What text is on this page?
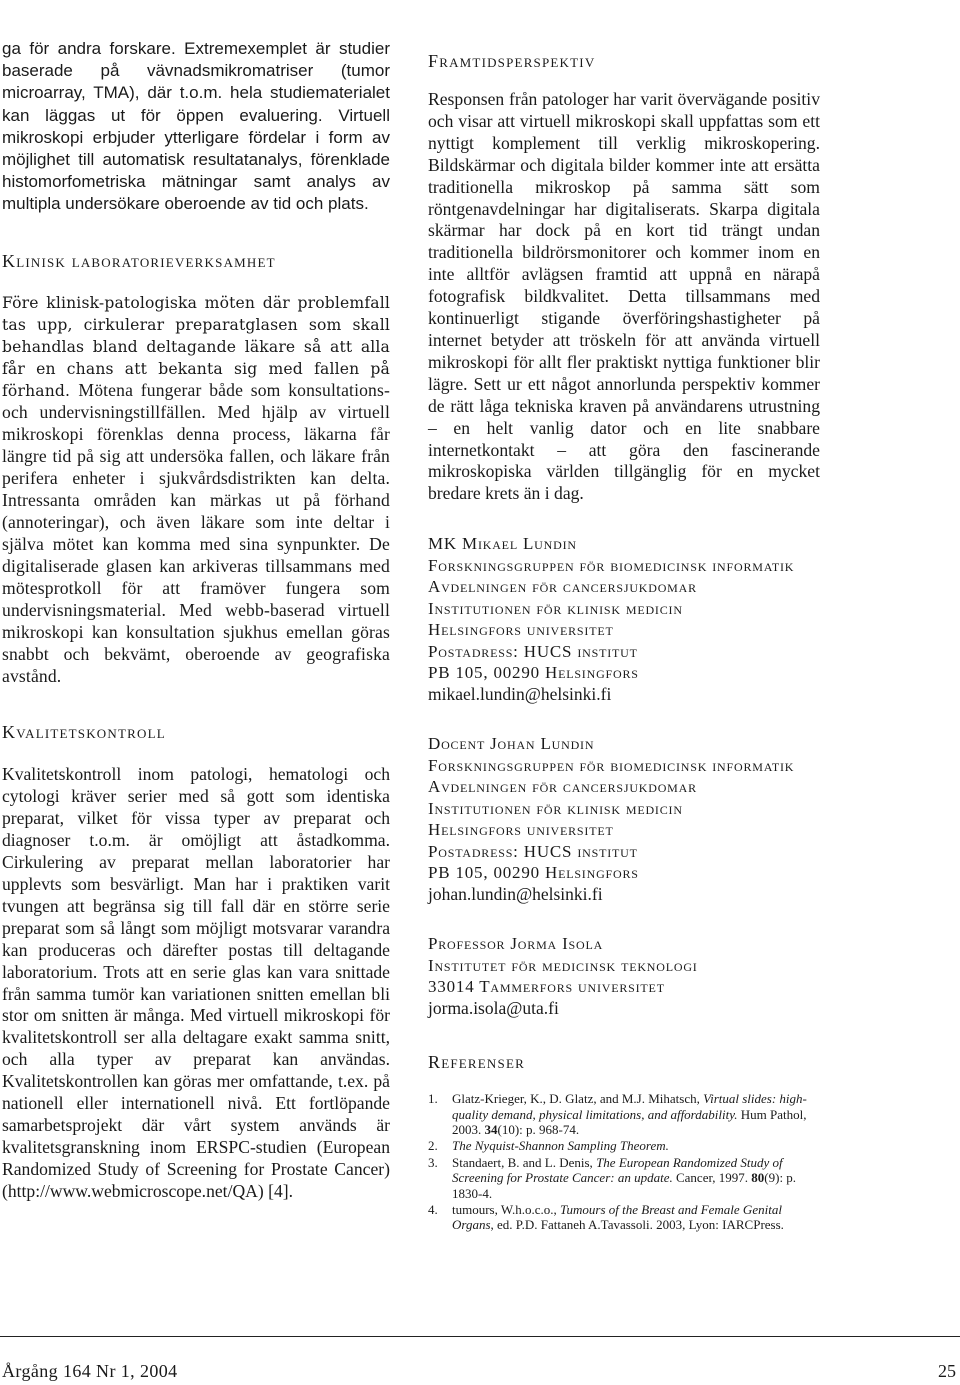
ga för andra forskare. Extremexemplet är studier baserade på vävnadsmikromatriser (tumor microarray, TMA), där t.o.m. hela studiematerialet kan läggas ut för öppen evaluering. Virtuell mikroskopi erbjuder ytterligare fördelar i form av möjlighet till automatisk resultatanalys, förenklade histomorfometriska mätningar samt analys av multipla undersökare oberoende av tid och plats.

Klinisk laboratorieverksamhet

Före klinisk-patologiska möten där problemfall tas upp, cirkulerar preparatglasen som skall behandlas bland deltagande läkare så att alla får en chans att bekanta sig med fallen på förhand. Mötena fungerar både som konsultations- och undervisningstillfällen. Med hjälp av virtuell mikroskopi förenklas denna process, läkarna får längre tid på sig att undersöka fallen, och läkare från perifera enheter i sjukvårdsdistrikten kan delta. Intressanta områden kan märkas ut på förhand (annoteringar), och även läkare som inte deltar i själva mötet kan komma med sina synpunkter. De digitaliserade glasen kan arkiveras tillsammans med mötesprotkoll för att framöver fungera som undervisningsmaterial. Med webb-baserad virtuell mikroskopi kan konsultation sjukhus emellan göras snabbt och bekvämt, oberoende av geografiska avstånd.

Kvalitetskontroll

Kvalitetskontroll inom patologi, hematologi och cytologi kräver serier med så gott som identiska preparat, vilket för vissa typer av preparat och diagnoser t.o.m. är omöjligt att åstadkomma. Cirkulering av preparat mellan laboratorier har upplevts som besvärligt. Man har i praktiken varit tvungen att begränsa sig till fall där en större serie preparat som så långt som möjligt motsvarar varandra kan produceras och därefter postas till deltagande laboratorium. Trots att en serie glas kan vara snittade från samma tumör kan variationen snitten emellan bli stor om snitten är många. Med virtuell mikroskopi för kvalitetskontroll ser alla deltagare exakt samma snitt, och alla typer av preparat kan användas. Kvalitetskontrollen kan göras mer omfattande, t.ex. på nationell eller internationell nivå. Ett fortlöpande samarbetsprojekt där vårt system används är kvalitetsgranskning inom ERSPC-studien (European Randomized Study of Screening for Prostate Cancer) (http://www.webmicroscope.net/QA) [4].

Framtidsperspektiv

Responsen från patologer har varit övervägande positiv och visar att virtuell mikroskopi skall uppfattas som ett nyttigt komplement till verklig mikroskopering. Bildskärmar och digitala bilder kommer inte att ersätta traditionella mikroskop på samma sätt som röntgenavdelningar har digitaliserats. Skarpa digitala skärmar har dock på en kort tid trängt undan traditionella bildrörsmonitorer och kommer inom en inte alltför avlägsen framtid att uppnå en närapå fotografisk bildkvalitet. Detta tillsammans med kontinuerligt stigande överföringshastigheter på internet betyder att tröskeln för att använda virtuell mikroskopi för allt fler praktiskt nyttiga funktioner blir lägre. Sett ur ett något annorlunda perspektiv kommer de rätt låga tekniska kraven på användarens utrustning – en helt vanlig dator och en lite snabbare internetkontakt – att göra den fascinerande mikroskopiska världen tillgänglig för en mycket bredare krets än i dag.

MK Mikael Lundin
Forskningsgruppen för biomedicinsk informatik
Avdelningen för cancersjukdomar
Institutionen för klinisk medicin
Helsingfors universitet
Postadress: HUCS institut
PB 105, 00290 Helsingfors
mikael.lundin@helsinki.fi
Docent Johan Lundin
Forskningsgruppen för biomedicinsk informatik
Avdelningen för cancersjukdomar
Institutionen för klinisk medicin
Helsingfors universitet
Postadress: HUCS institut
PB 105, 00290 Helsingfors
johan.lundin@helsinki.fi
Professor Jorma Isola
Institutet för medicinsk teknologi
33014 Tammerfors universitet
jorma.isola@uta.fi
Referenser
1. Glatz-Krieger, K., D. Glatz, and M.J. Mihatsch, Virtual slides: high-quality demand, physical limitations, and affordability. Hum Pathol, 2003. 34(10): p. 968-74.
2. The Nyquist-Shannon Sampling Theorem.
3. Standaert, B. and L. Denis, The European Randomized Study of Screening for Prostate Cancer: an update. Cancer, 1997. 80(9): p. 1830-4.
4. tumours, W.h.o.c.o., Tumours of the Breast and Female Genital Organs, ed. P.D. Fattaneh A.Tavassoli. 2003, Lyon: IARCPress.
Årgång 164 Nr 1, 2004	25
